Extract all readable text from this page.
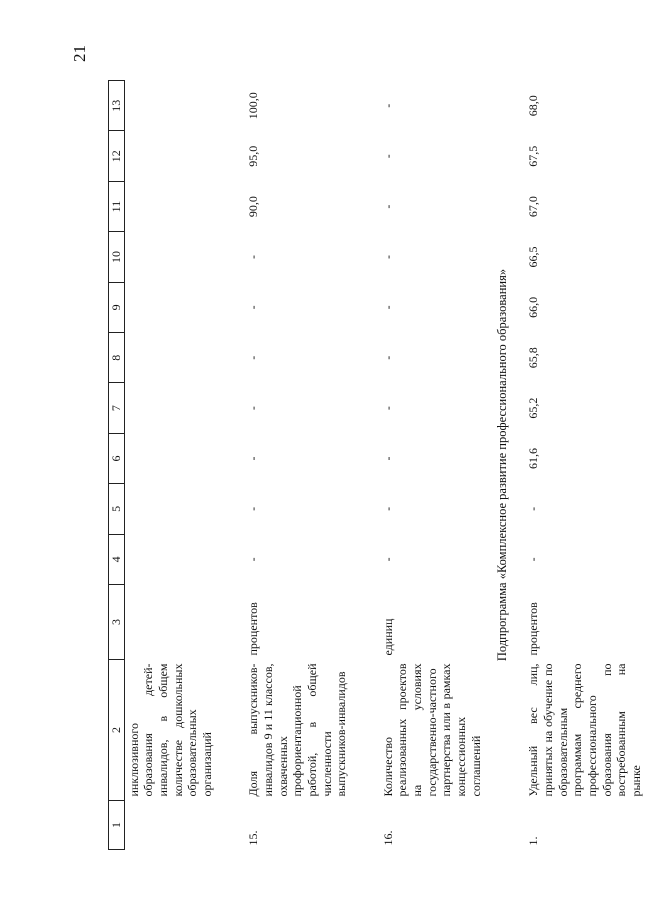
21
1	2	3	4	5	6	7	8	9	10	11	12	13
	инклюзивного образования детей-инвалидов, в общем количестве дошкольных образовательных организаций											

15.	Доля выпускников-инвалидов 9 и 11 классов, охваченных профориентационной работой, в общей численности выпускников-инвалидов	процентов	-	-	-	-	-	-	-	90,0	95,0	100,0

16.	Количество реализованных проектов на условиях государственно-частного партнерства или в рамках концессионных соглашений	единиц	-	-	-	-	-	-	-	-	-	-
Подпрограмма «Комплексное развитие профессионального образования»												
1.	Удельный вес лиц, принятых на обучение по образовательным программам среднего профессионального образования по востребованным на рынке	процентов	-	-	61,6	65,2	65,8	66,0	66,5	67,0	67,5	68,0
